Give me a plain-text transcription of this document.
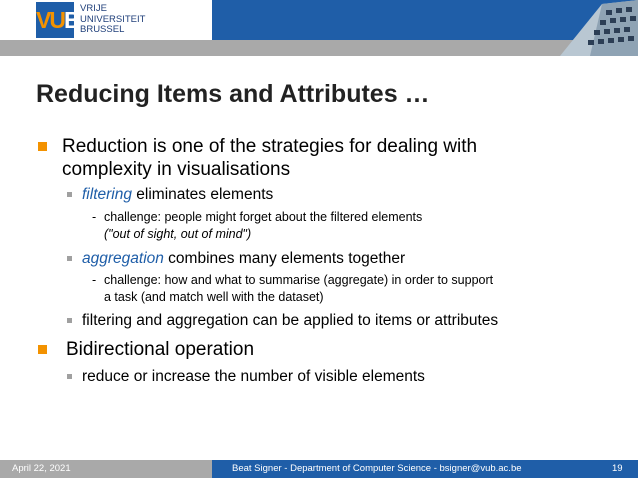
VUB VRIJE
UNIVERSITEIT
BRUSSEL
Reducing Items and Attributes …
Reduction is one of the strategies for dealing with
complexity in visualisations
filtering eliminates elements
- challenge: people might forget about the filtered elements
("out of sight, out of mind")
aggregation combines many elements together
- challenge: how and what to summarise (aggregate) in order to support
a task (and match well with the dataset)
filtering and aggregation can be applied to items or attributes
Bidirectional operation
reduce or increase the number of visible elements
April 22, 2021	Beat Signer - Department of Computer Science - bsigner@vub.ac.be	19
